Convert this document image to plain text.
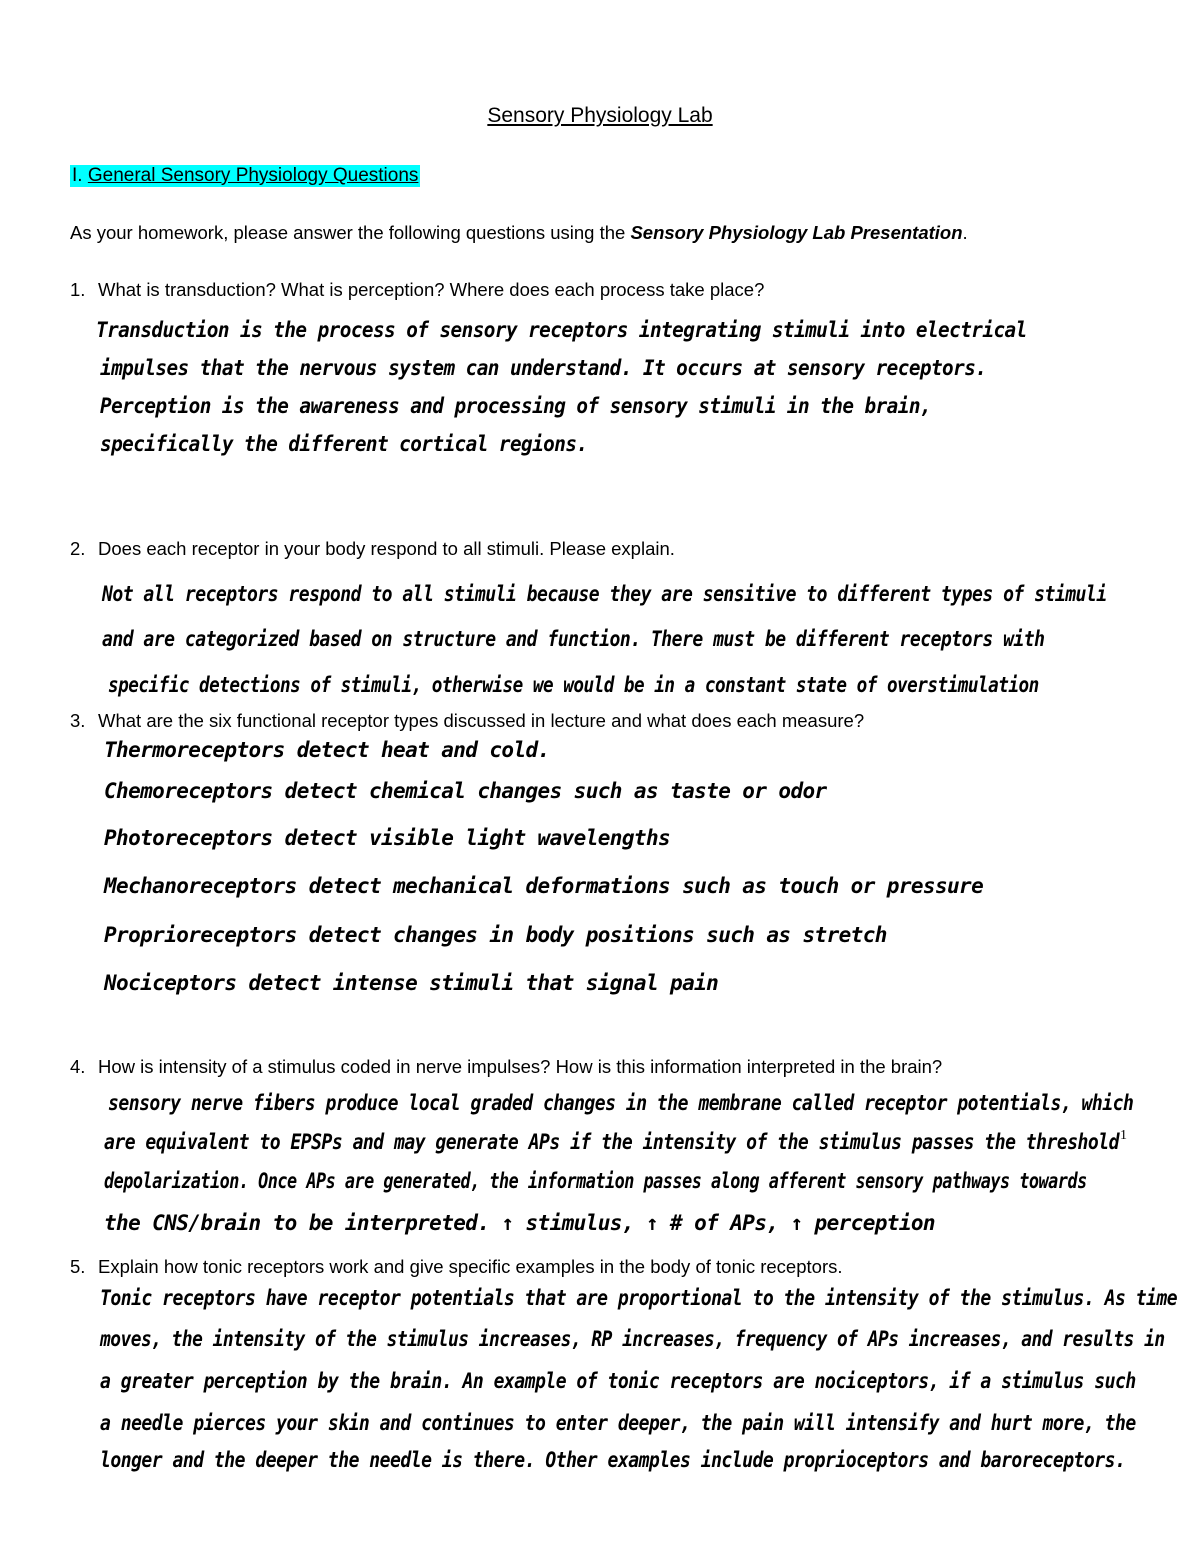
Sensory Physiology Lab
I. General Sensory Physiology Questions
As your homework, please answer the following questions using the Sensory Physiology Lab Presentation.
1. What is transduction? What is perception? Where does each process take place?
Transduction is the process of sensory receptors integrating stimuli into electrical
impulses that the nervous system can understand. It occurs at sensory receptors.
Perception is the awareness and processing of sensory stimuli in the brain,
specifically the different cortical regions.
2. Does each receptor in your body respond to all stimuli. Please explain.
Not all receptors respond to all stimuli because they are sensitive to different types of stimuli
and are categorized based on structure and function. There must be different receptors with
specific detections of stimuli, otherwise we would be in a constant state of overstimulation
3. What are the six functional receptor types discussed in lecture and what does each measure?
Thermoreceptors detect heat and cold.
Chemoreceptors detect chemical changes such as taste or odor
Photoreceptors detect visible light wavelengths
Mechanoreceptors detect mechanical deformations such as touch or pressure
Proprioreceptors detect changes in body positions such as stretch
Nociceptors detect intense stimuli that signal pain
4. How is intensity of a stimulus coded in nerve impulses? How is this information interpreted in the brain?
sensory nerve fibers produce local graded changes in the membrane called receptor potentials, which
are equivalent to EPSPs and may generate APs if the intensity of the stimulus passes the threshold
depolarization. Once APs are generated, the information passes along afferent sensory pathways towards
the CNS/brain to be interpreted. ↑ stimulus, ↑ # of APs, ↑ perception
5. Explain how tonic receptors work and give specific examples in the body of tonic receptors.
Tonic receptors have receptor potentials that are proportional to the intensity of the stimulus. As time
moves, the intensity of the stimulus increases, RP increases, frequency of APs increases, and results in
a greater perception by the brain. An example of tonic receptors are nociceptors, if a stimulus such
a needle pierces your skin and continues to enter deeper, the pain will intensify and hurt more, the
longer and the deeper the needle is there. Other examples include proprioceptors and baroreceptors.
1
